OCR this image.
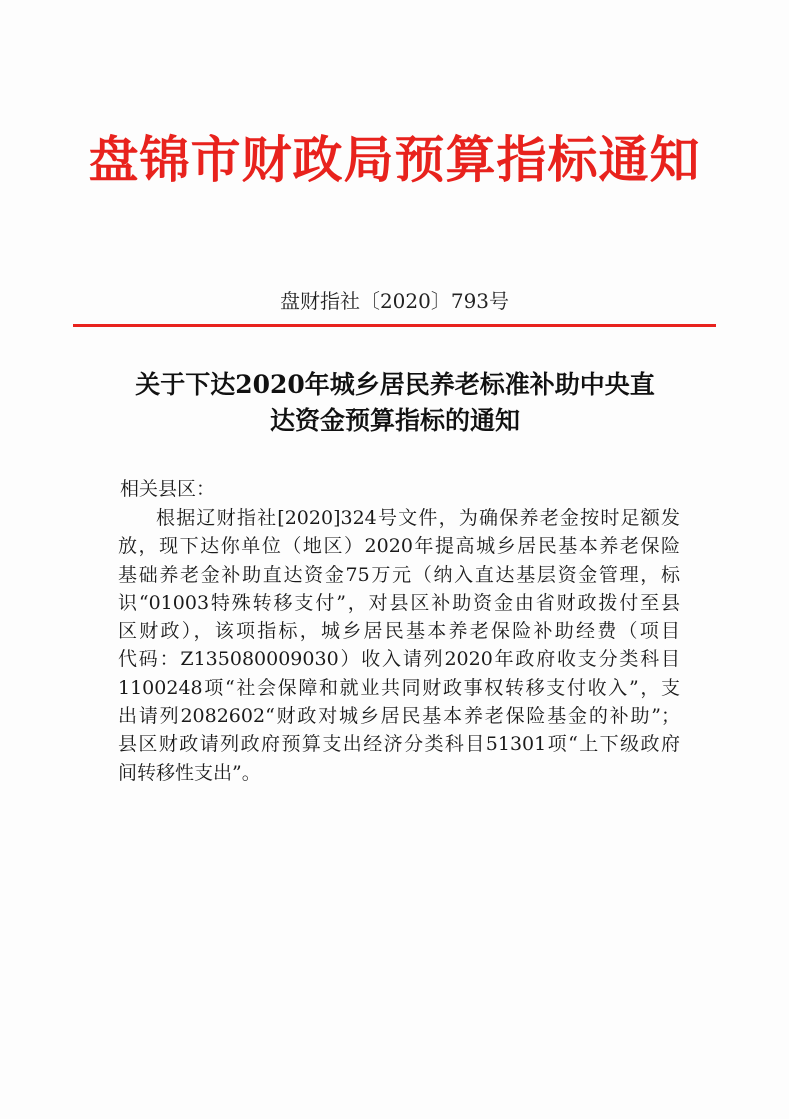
盘锦市财政局预算指标通知
盘财指社〔2020〕793号
关于下达2020年城乡居民养老标准补助中央直
达资金预算指标的通知
相关县区：
根据辽财指社[2020]324号文件，为确保养老金按时足额发
放，现下达你单位（地区）2020年提高城乡居民基本养老保险
基础养老金补助直达资金75万元（纳入直达基层资金管理，标
识“01003特殊转移支付”，对县区补助资金由省财政拨付至县
区财政），该项指标，城乡居民基本养老保险补助经费（项目
代码：Z135080009030）收入请列2020年政府收支分类科目
1100248项“社会保障和就业共同财政事权转移支付收入”，支
出请列2082602“财政对城乡居民基本养老保险基金的补助”；
县区财政请列政府预算支出经济分类科目51301项“上下级政府
间转移性支出”。
